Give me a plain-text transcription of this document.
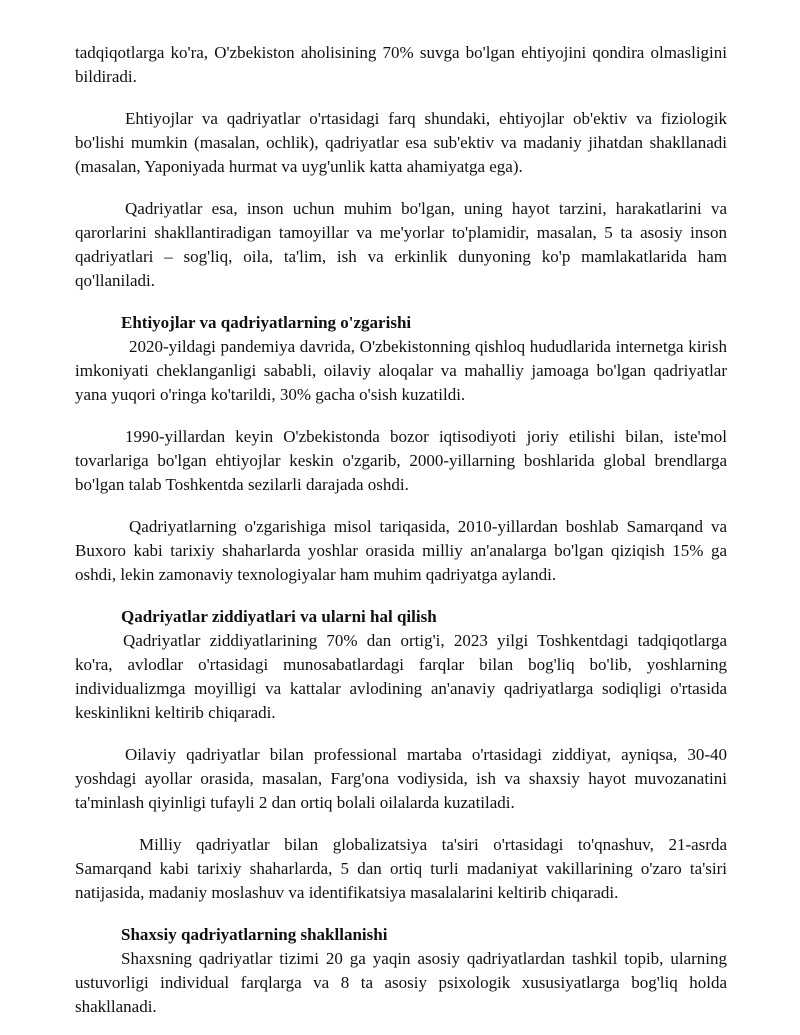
tadqiqotlarga ko'ra, O'zbekiston aholisining 70% suvga bo'lgan ehtiyojini qondira olmasligini bildiradi.

Ehtiyojlar va qadriyatlar o'rtasidagi farq shundaki, ehtiyojlar ob'ektiv va fiziologik bo'lishi mumkin (masalan, ochlik), qadriyatlar esa sub'ektiv va madaniy jihatdan shakllanadi (masalan, Yaponiyada hurmat va uyg'unlik katta ahamiyatga ega).

Qadriyatlar esa, inson uchun muhim bo'lgan, uning hayot tarzini, harakatlarini va qarorlarini shakllantiradigan tamoyillar va me'yorlar to'plamidir, masalan, 5 ta asosiy inson qadriyatlari – sog'liq, oila, ta'lim, ish va erkinlik dunyoning ko'p mamlakatlarida ham qo'llaniladi.

Ehtiyojlar va qadriyatlarning o'zgarishi

2020-yildagi pandemiya davrida, O'zbekistonning qishloq hududlarida internetga kirish imkoniyati cheklanganligi sababli, oilaviy aloqalar va mahalliy jamoaga bo'lgan qadriyatlar yana yuqori o'ringa ko'tarildi, 30% gacha o'sish kuzatildi.

1990-yillardan keyin O'zbekistonda bozor iqtisodiyoti joriy etilishi bilan, iste'mol tovarlariga bo'lgan ehtiyojlar keskin o'zgarib, 2000-yillarning boshlarida global brendlarga bo'lgan talab Toshkentda sezilarli darajada oshdi.

Qadriyatlarning o'zgarishiga misol tariqasida, 2010-yillardan boshlab Samarqand va Buxoro kabi tarixiy shaharlarda yoshlar orasida milliy an'analarga bo'lgan qiziqish 15% ga oshdi, lekin zamonaviy texnologiyalar ham muhim qadriyatga aylandi.

Qadriyatlar ziddiyatlari va ularni hal qilish

Qadriyatlar ziddiyatlarining 70% dan ortig'i, 2023 yilgi Toshkentdagi tadqiqotlarga ko'ra, avlodlar o'rtasidagi munosabatlardagi farqlar bilan bog'liq bo'lib, yoshlarning individualizmga moyilligi va kattalar avlodining an'anaviy qadriyatlarga sodiqligi o'rtasida keskinlikni keltirib chiqaradi.

Oilaviy qadriyatlar bilan professional martaba o'rtasidagi ziddiyat, ayniqsa, 30-40 yoshdagi ayollar orasida, masalan, Farg'ona vodiysida, ish va shaxsiy hayot muvozanatini ta'minlash qiyinligi tufayli 2 dan ortiq bolali oilalarda kuzatiladi.

Milliy qadriyatlar bilan globalizatsiya ta'siri o'rtasidagi to'qnashuv, 21-asrda Samarqand kabi tarixiy shaharlarda, 5 dan ortiq turli madaniyat vakillarining o'zaro ta'siri natijasida, madaniy moslashuv va identifikatsiya masalalarini keltirib chiqaradi.

Shaxsiy qadriyatlarning shakllanishi

Shaxsning qadriyatlar tizimi 20 ga yaqin asosiy qadriyatlardan tashkil topib, ularning ustuvorligi individual farqlarga va 8 ta asosiy psixologik xususiyatlarga bog'liq holda shakllanadi.
